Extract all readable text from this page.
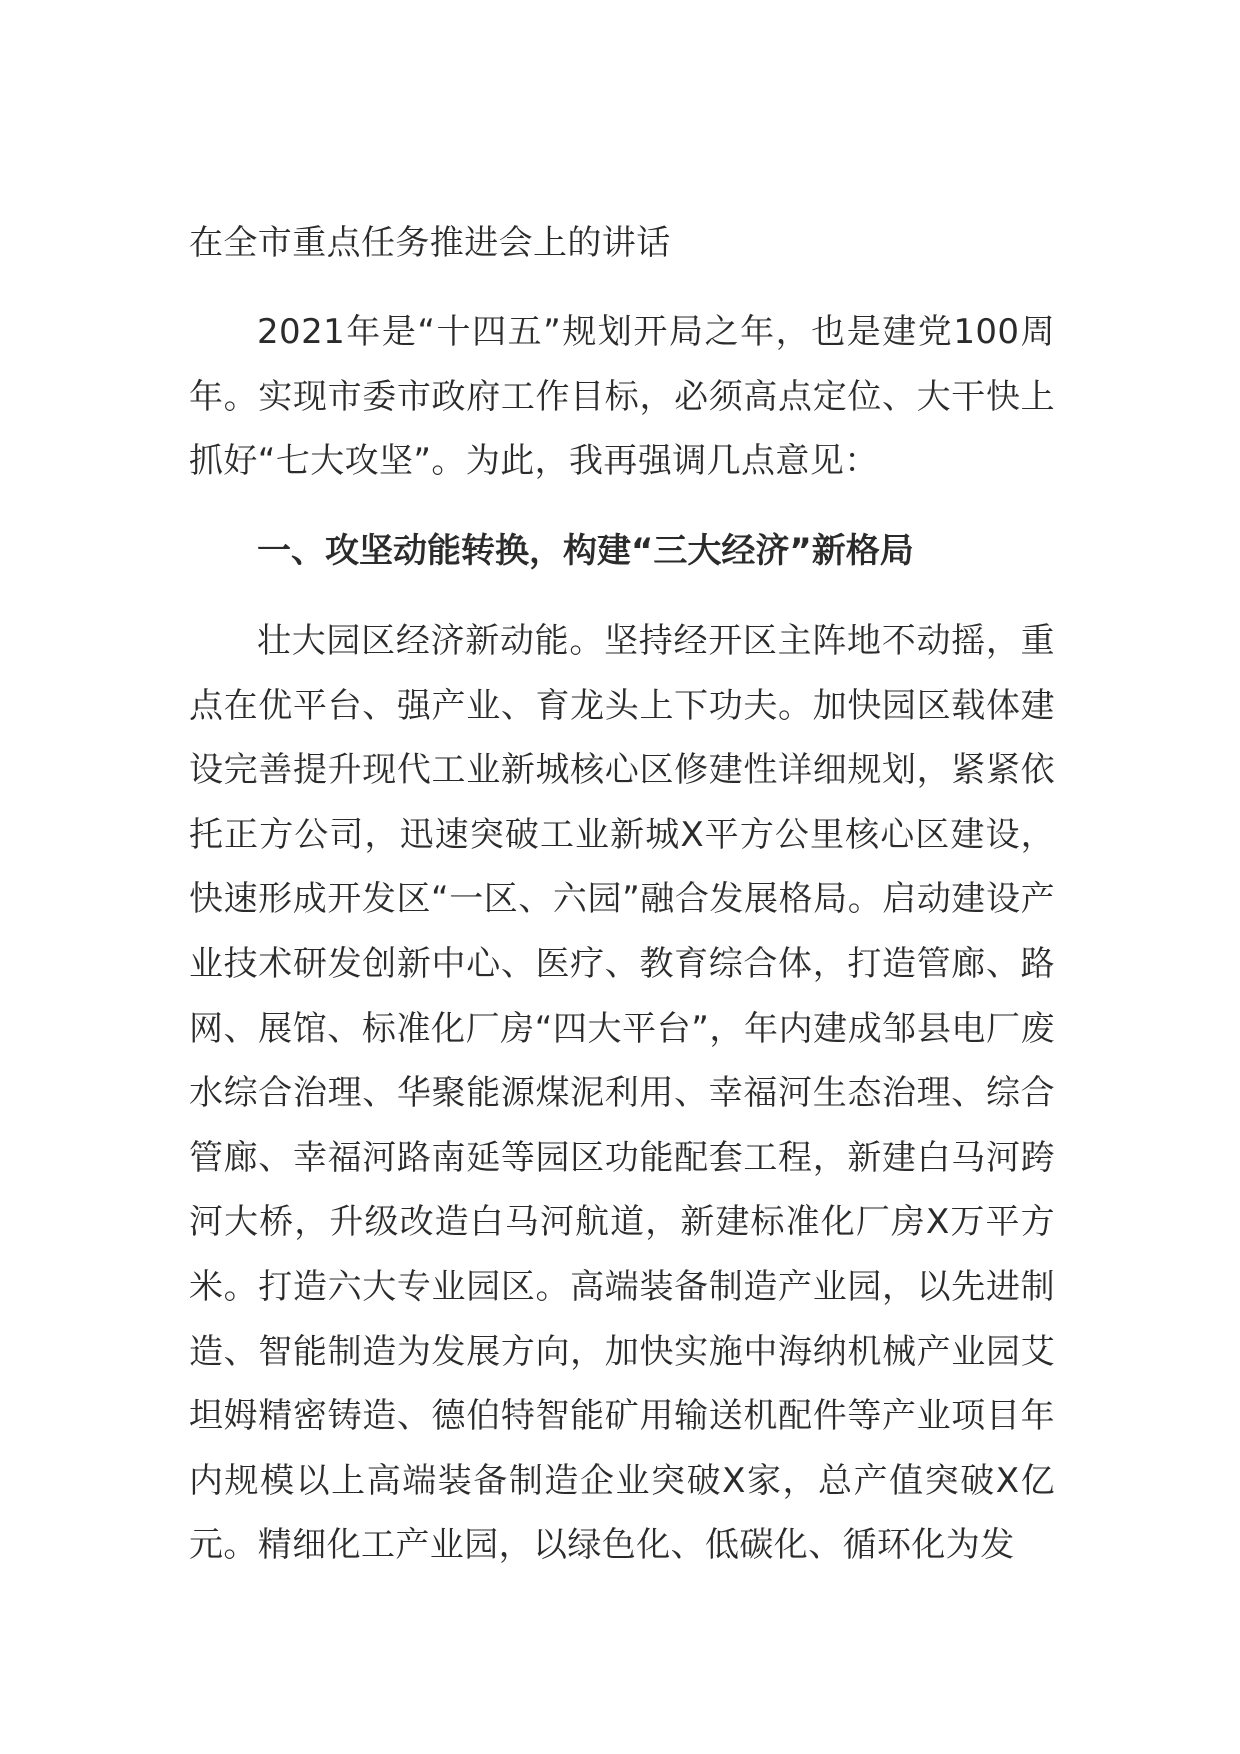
在全市重点任务推进会上的讲话
2021年是“十四五”规划开局之年，也是建党100周年。实现市委市政府工作目标，必须高点定位、大干快上抓好“七大攻坚”。为此，我再强调几点意见：
一、攻坚动能转换，构建“三大经济”新格局
壮大园区经济新动能。坚持经开区主阵地不动摇，重点在优平台、强产业、育龙头上下功夫。加快园区载体建设完善提升现代工业新城核心区修建性详细规划，紧紧依托正方公司，迅速突破工业新城X平方公里核心区建设，快速形成开发区“一区、六园”融合发展格局。启动建设产业技术研发创新中心、医疗、教育综合体，打造管廊、路网、展馆、标准化厂房“四大平台”，年内建成邹县电厂废水综合治理、华聚能源煤泥利用、幸福河生态治理、综合管廊、幸福河路南延等园区功能配套工程，新建白马河跨河大桥，升级改造白马河航道，新建标准化厂房X万平方米。打造六大专业园区。高端装备制造产业园，以先进制造、智能制造为发展方向，加快实施中海纳机械产业园艾坦姆精密铸造、德伯特智能矿用输送机配件等产业项目年内规模以上高端装备制造企业突破X家，总产值突破X亿元。精细化工产业园，以绿色化、低碳化、循环化为发
